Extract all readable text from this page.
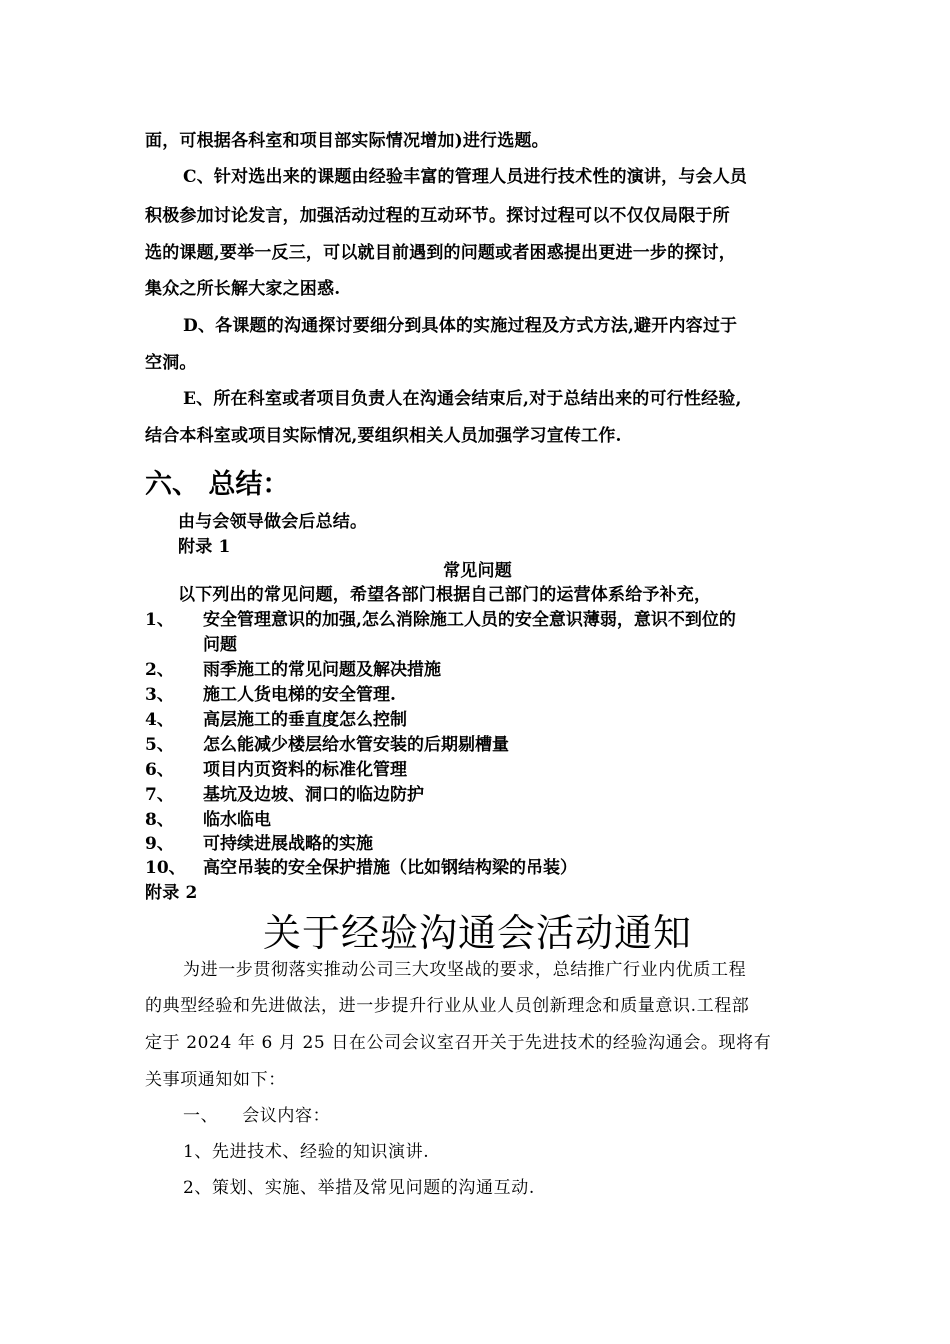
面，可根据各科室和项目部实际情况增加)进行选题。
C、针对选出来的课题由经验丰富的管理人员进行技术性的演讲，与会人员
积极参加讨论发言，加强活动过程的互动环节。探讨过程可以不仅仅局限于所
选的课题,要举一反三，可以就目前遇到的问题或者困惑提出更进一步的探讨，
集众之所长解大家之困惑.
D、各课题的沟通探讨要细分到具体的实施过程及方式方法,避开内容过于
空洞。
E、所在科室或者项目负责人在沟通会结束后,对于总结出来的可行性经验,
结合本科室或项目实际情况,要组织相关人员加强学习宣传工作.
六、 总结：
由与会领导做会后总结。
附录 1
常见问题
以下列出的常见问题，希望各部门根据自己部门的运营体系给予补充，
1、 安全管理意识的加强,怎么消除施工人员的安全意识薄弱，意识不到位的
问题
2、 雨季施工的常见问题及解决措施
3、 施工人货电梯的安全管理.
4、 高层施工的垂直度怎么控制
5、 怎么能减少楼层给水管安装的后期剔槽量
6、 项目内页资料的标准化管理
7、 基坑及边坡、洞口的临边防护
8、 临水临电
9、 可持续进展战略的实施
10、 高空吊装的安全保护措施（比如钢结构梁的吊装）
附录 2
关于经验沟通会活动通知
为进一步贯彻落实推动公司三大攻坚战的要求，总结推广行业内优质工程
的典型经验和先进做法，进一步提升行业从业人员创新理念和质量意识.工程部
定于 2024 年 6 月 25 日在公司会议室召开关于先进技术的经验沟通会。现将有
关事项通知如下：
一、    会议内容：
1、先进技术、经验的知识演讲.
2、策划、实施、举措及常见问题的沟通互动.
